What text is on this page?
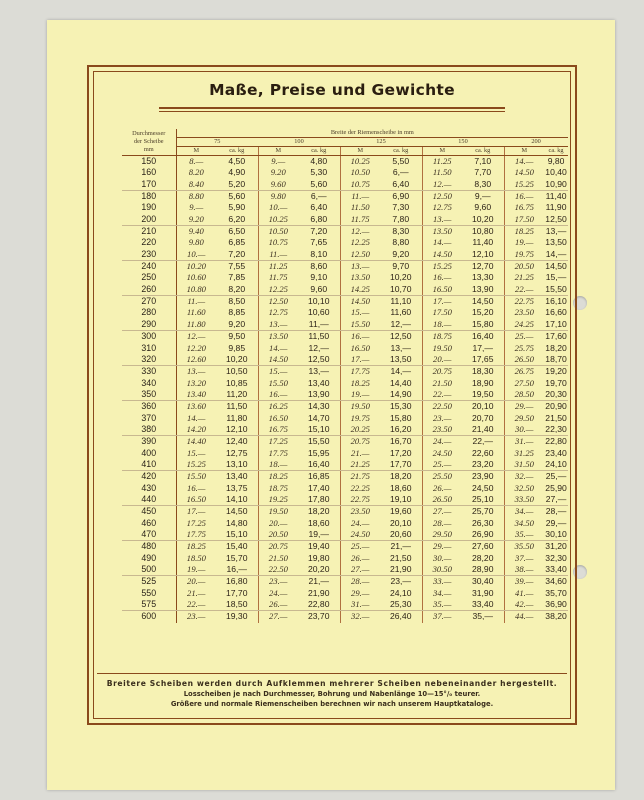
Maße, Preise und Gewichte
Durchmesser
der Scheibe
mm	Breite der Riemenscheibe in mm									
	75		100		125		150		200	
	M	ca. kg	M	ca. kg	M	ca. kg	M	ca. kg	M	ca. kg
150	8.—	4,50	9.—	4,80	10.25	5,50	11.25	7,10	14.—	9,80
160	8.20	4,90	9.20	5,30	10.50	6,—	11.50	7,70	14.50	10,40
170	8.40	5,20	9.60	5,60	10.75	6,40	12.—	8,30	15.25	10,90
180	8.80	5,60	9.80	6,—	11.—	6,90	12.50	9,—	16.—	11,40
190	9.—	5,90	10.—	6,40	11.50	7,30	12.75	9,60	16.75	11,90
200	9.20	6,20	10.25	6,80	11.75	7,80	13.—	10,20	17.50	12,50
210	9.40	6,50	10.50	7,20	12.—	8,30	13.50	10,80	18.25	13,—
220	9.80	6,85	10.75	7,65	12.25	8,80	14.—	11,40	19.—	13,50
230	10.—	7,20	11.—	8,10	12.50	9,20	14.50	12,10	19.75	14,—
240	10.20	7,55	11.25	8,60	13.—	9,70	15.25	12,70	20.50	14,50
250	10.60	7,85	11.75	9,10	13.50	10,20	16.—	13,30	21.25	15,—
260	10.80	8,20	12.25	9,60	14.25	10,70	16.50	13,90	22.—	15,50
270	11.—	8,50	12.50	10,10	14.50	11,10	17.—	14,50	22.75	16,10
280	11.60	8,85	12.75	10,60	15.—	11,60	17.50	15,20	23.50	16,60
290	11.80	9,20	13.—	11,—	15.50	12,—	18.—	15,80	24.25	17,10
300	12.—	9,50	13.50	11,50	16.—	12,50	18.75	16,40	25.—	17,60
310	12.20	9,85	14.—	12,—	16.50	13,—	19.50	17,—	25.75	18,20
320	12.60	10,20	14.50	12,50	17.—	13,50	20.—	17,65	26.50	18,70
330	13.—	10,50	15.—	13,—	17.75	14,—	20.75	18,30	26.75	19,20
340	13.20	10,85	15.50	13,40	18.25	14,40	21.50	18,90	27.50	19,70
350	13.40	11,20	16.—	13,90	19.—	14,90	22.—	19,50	28.50	20,30
360	13.60	11,50	16.25	14,30	19.50	15,30	22.50	20,10	29.—	20,90
370	14.—	11,80	16.50	14,70	19.75	15,80	23.—	20,70	29.50	21,50
380	14.20	12,10	16.75	15,10	20.25	16,20	23.50	21,40	30.—	22,30
390	14.40	12,40	17.25	15,50	20.75	16,70	24.—	22,—	31.—	22,80
400	15.—	12,75	17.75	15,95	21.—	17,20	24.50	22,60	31.25	23,40
410	15.25	13,10	18.—	16,40	21.25	17,70	25.—	23,20	31.50	24,10
420	15.50	13,40	18.25	16,85	21.75	18,20	25.50	23,90	32.—	25,—
430	16.—	13,75	18.75	17,40	22.25	18,60	26.—	24,50	32.50	25,90
440	16.50	14,10	19.25	17,80	22.75	19,10	26.50	25,10	33.50	27,—
450	17.—	14,50	19.50	18,20	23.50	19,60	27.—	25,70	34.—	28,—
460	17.25	14,80	20.—	18,60	24.—	20,10	28.—	26,30	34.50	29,—
470	17.75	15,10	20.50	19,—	24.50	20,60	29.50	26,90	35.—	30,10
480	18.25	15,40	20.75	19,40	25.—	21,—	29.—	27,60	35.50	31,20
490	18.50	15,70	21.50	19,80	26.—	21,50	30.—	28,20	37.—	32,30
500	19.—	16,—	22.50	20,20	27.—	21,90	30.50	28,90	38.—	33,40
525	20.—	16,80	23.—	21,—	28.—	23,—	33.—	30,40	39.—	34,60
550	21.—	17,70	24.—	21,90	29.—	24,10	34.—	31,90	41.—	35,70
575	22.—	18,50	26.—	22,80	31.—	25,30	35.—	33,40	42.—	36,90
600	23.—	19,30	27.—	23,70	32.—	26,40	37.—	35,—	44.—	38,20
Breitere Scheiben werden durch Aufklemmen mehrerer Scheiben nebeneinander hergestellt.
Losscheiben je nach Durchmesser, Bohrung und Nabenlänge 10—15°/₀ teurer.
Größere und normale Riemenscheiben berechnen wir nach unserem Hauptkataloge.
